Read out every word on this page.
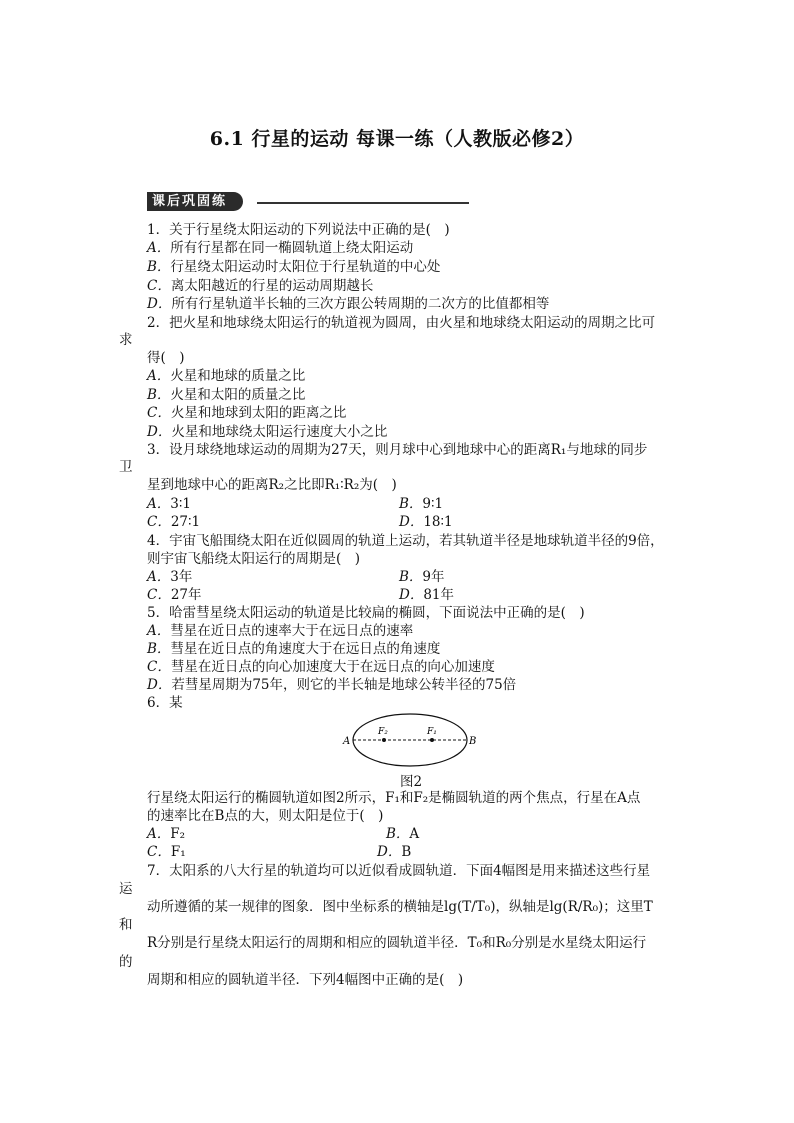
6.1 行星的运动 每课一练（人教版必修2）
课后巩固练
1．关于行星绕太阳运动的下列说法中正确的是(　)
A．所有行星都在同一椭圆轨道上绕太阳运动
B．行星绕太阳运动时太阳位于行星轨道的中心处
C．离太阳越近的行星的运动周期越长
D．所有行星轨道半长轴的三次方跟公转周期的二次方的比值都相等
2．把火星和地球绕太阳运行的轨道视为圆周，由火星和地球绕太阳运动的周期之比可
求
得(　)
A．火星和地球的质量之比
B．火星和太阳的质量之比
C．火星和地球到太阳的距离之比
D．火星和地球绕太阳运行速度大小之比
3．设月球绕地球运动的周期为27天，则月球中心到地球中心的距离R₁与地球的同步
卫
星到地球中心的距离R₂之比即R₁∶R₂为(　)
A．3∶1	B．9∶1
C．27∶1	D．18∶1
4．宇宙飞船围绕太阳在近似圆周的轨道上运动，若其轨道半径是地球轨道半径的9倍，
则宇宙飞船绕太阳运行的周期是(　)
A．3年	B．9年
C．27年	D．81年
5．哈雷彗星绕太阳运动的轨道是比较扁的椭圆，下面说法中正确的是(　)
A．彗星在近日点的速率大于在远日点的速率
B．彗星在近日点的角速度大于在远日点的角速度
C．彗星在近日点的向心加速度大于在远日点的向心加速度
D．若彗星周期为75年，则它的半长轴是地球公转半径的75倍
6．某
A	B
F₂	F₁
图2
行星绕太阳运行的椭圆轨道如图2所示，F₁和F₂是椭圆轨道的两个焦点，行星在A点
的速率比在B点的大，则太阳是位于(　)
A．F₂	B．A
C．F₁	D．B
7．太阳系的八大行星的轨道均可以近似看成圆轨道．下面4幅图是用来描述这些行星
运
动所遵循的某一规律的图象．图中坐标系的横轴是lg(T/T₀)，纵轴是lg(R/R₀)；这里T
和
R分别是行星绕太阳运行的周期和相应的圆轨道半径．T₀和R₀分别是水星绕太阳运行
的
周期和相应的圆轨道半径．下列4幅图中正确的是(　)
